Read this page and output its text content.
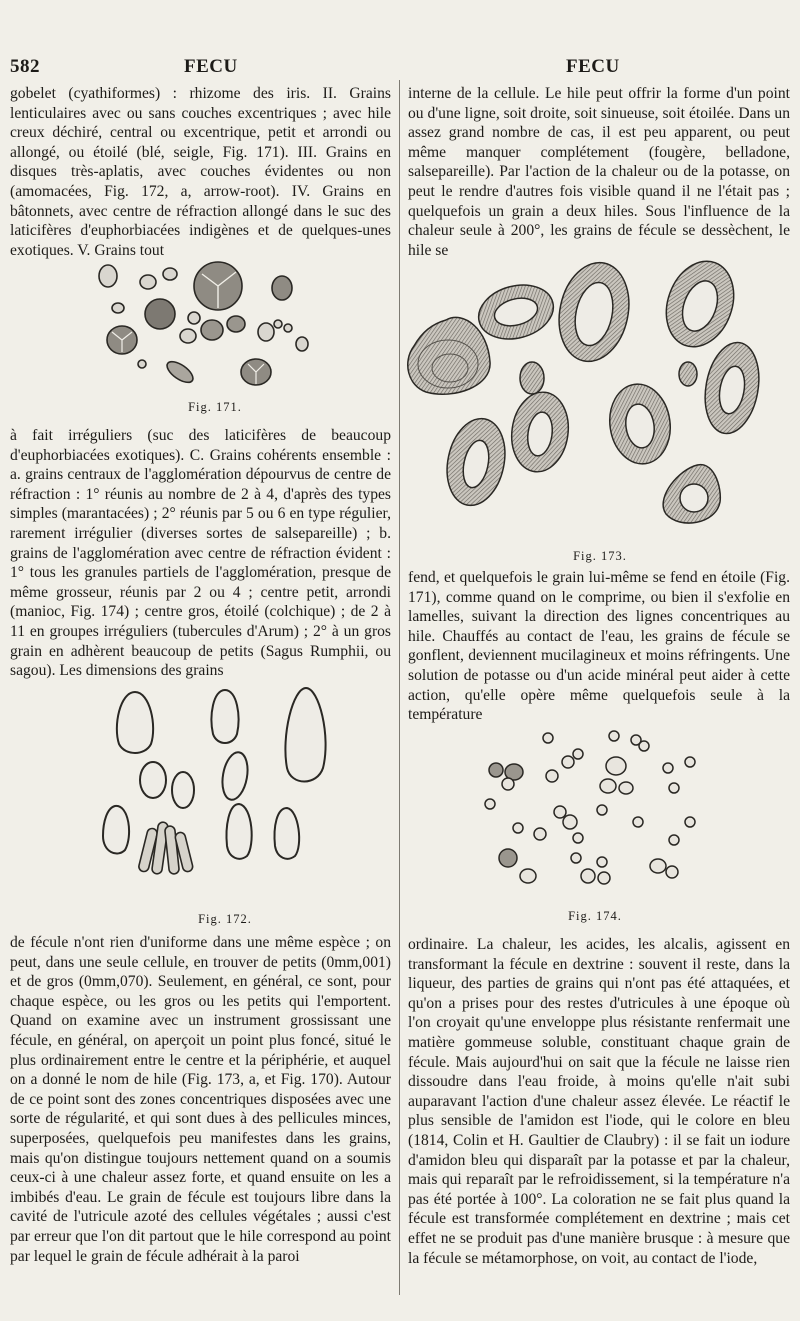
582	FECU	FECU

gobelet (cyathiformes) : rhizome des iris. II. Grains lenticulaires avec ou sans couches excentriques ; avec hile creux déchiré, central ou excentrique, petit et arrondi ou allongé, ou étoilé (blé, seigle, Fig. 171). III. Grains en disques très-aplatis, avec couches évidentes ou non (amomacées, Fig. 172, a, arrow-root). IV. Grains en bâtonnets, avec centre de réfraction allongé dans le suc des laticifères d'euphorbiacées indigènes et de quelques-unes exotiques. V. Grains tout

à fait irréguliers (suc des laticifères de beaucoup d'euphorbiacées exotiques). C. Grains cohérents ensemble : a. grains centraux de l'agglomération dépourvus de centre de réfraction : 1° réunis au nombre de 2 à 4, d'après des types simples (marantacées) ; 2° réunis par 5 ou 6 en type régulier, rarement irrégulier (diverses sortes de salsepareille) ; b. grains de l'agglomération avec centre de réfraction évident : 1° tous les granules partiels de l'agglomération, presque de même grosseur, réunis par 2 ou 4 ; centre petit, arrondi (manioc, Fig. 174) ; centre gros, étoilé (colchique) ; de 2 à 11 en groupes irréguliers (tubercules d'Arum) ; 2° à un gros grain en adhèrent beaucoup de petits (Sagus Rumphii, ou sagou). Les dimensions des grains

de fécule n'ont rien d'uniforme dans une même espèce ; on peut, dans une seule cellule, en trouver de petits (0mm,001) et de gros (0mm,070). Seulement, en général, ce sont, pour chaque espèce, ou les gros ou les petits qui l'emportent. Quand on examine avec un instrument grossissant une fécule, en général, on aperçoit un point plus foncé, situé le plus ordinairement entre le centre et la périphérie, et auquel on a donné le nom de hile (Fig. 173, a, et Fig. 170). Autour de ce point sont des zones concentriques disposées avec une sorte de régularité, et qui sont dues à des pellicules minces, superposées, quelquefois peu manifestes dans les grains, mais qu'on distingue toujours nettement quand on a soumis ceux-ci à une chaleur assez forte, et quand ensuite on les a imbibés d'eau. Le grain de fécule est toujours libre dans la cavité de l'utricule azoté des cellules végétales ; aussi c'est par erreur que l'on dit partout que le hile correspond au point par lequel le grain de fécule adhérait à la paroi

Fig. 171.
Fig. 172.

interne de la cellule. Le hile peut offrir la forme d'un point ou d'une ligne, soit droite, soit sinueuse, soit étoilée. Dans un assez grand nombre de cas, il est peu apparent, ou peut même manquer complétement (fougère, belladone, salsepareille). Par l'action de la chaleur ou de la potasse, on peut le rendre d'autres fois visible quand il ne l'était pas ; quelquefois un grain a deux hiles. Sous l'influence de la chaleur seule à 200°, les grains de fécule se dessèchent, le hile se

fend, et quelquefois le grain lui-même se fend en étoile (Fig. 171), comme quand on le comprime, ou bien il s'exfolie en lamelles, suivant la direction des lignes concentriques au hile. Chauffés au contact de l'eau, les grains de fécule se gonflent, deviennent mucilagineux et moins réfringents. Une solution de potasse ou d'un acide minéral peut aider à cette action, qu'elle opère même quelquefois seule à la température

ordinaire. La chaleur, les acides, les alcalis, agissent en transformant la fécule en dextrine : souvent il reste, dans la liqueur, des parties de grains qui n'ont pas été attaquées, et qu'on a prises pour des restes d'utricules à une époque où l'on croyait qu'une enveloppe plus résistante renfermait une matière gommeuse soluble, constituant chaque grain de fécule. Mais aujourd'hui on sait que la fécule ne laisse rien dissoudre dans l'eau froide, à moins qu'elle n'ait subi auparavant l'action d'une chaleur assez élevée. Le réactif le plus sensible de l'amidon est l'iode, qui le colore en bleu (1814, Colin et H. Gaultier de Claubry) : il se fait un iodure d'amidon bleu qui disparaît par la potasse et par la chaleur, mais qui reparaît par le refroidissement, si la température n'a pas été portée à 100°. La coloration ne se fait plus quand la fécule est transformée complétement en dextrine ; mais cet effet ne se produit pas d'une manière brusque : à mesure que la fécule se métamorphose, on voit, au contact de l'iode,

Fig. 173.
Fig. 174.
